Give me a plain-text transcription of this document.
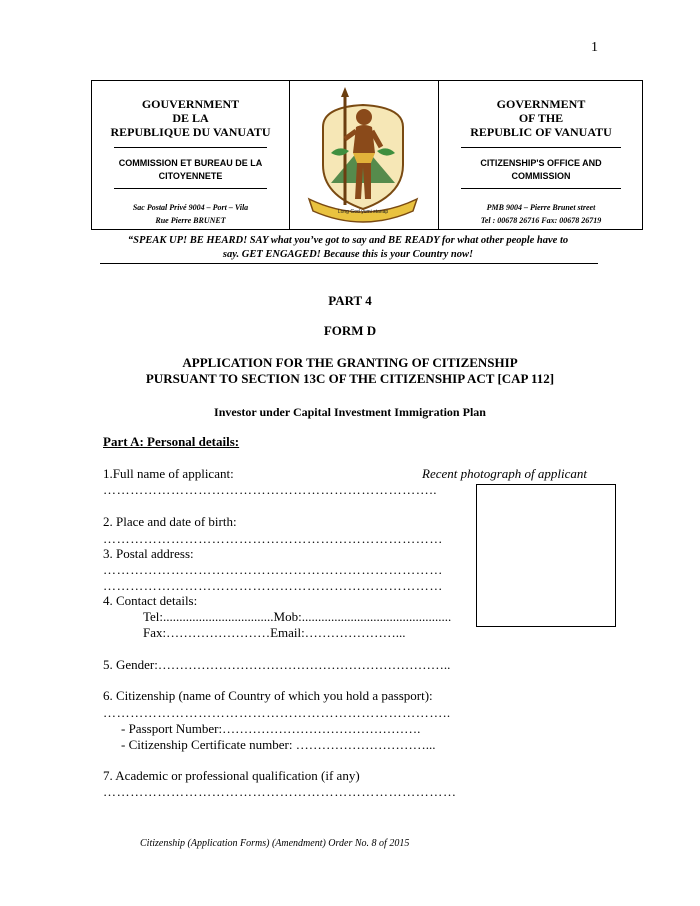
1
GOUVERNMENT
DE LA
REPUBLIQUE DU VANUATU
COMMISSION ET BUREAU DE LA
CITOYENNETE
Sac Postal Privé 9004 – Port – Vila
Rue Pierre BRUNET
Long God yumi stanap
GOVERNMENT
OF THE
REPUBLIC OF VANUATU
CITIZENSHIP'S OFFICE AND
COMMISSION
PMB 9004 – Pierre Brunet street
Tel : 00678 26716 Fax: 00678 26719
“SPEAK UP! BE HEARD! SAY what you’ve got to say and BE READY for what other people have to
say. GET ENGAGED! Because this is your Country now!
PART 4
FORM D
APPLICATION FOR THE GRANTING OF CITIZENSHIP
PURSUANT TO SECTION 13C OF THE CITIZENSHIP ACT [CAP 112]
Investor under Capital Investment Immigration Plan
Part A: Personal details:
Recent photograph of applicant
1.Full name of applicant:
………………………………………………………………..
2. Place and date of birth:
…………………………………………………………………
3. Postal address:
…………………………………………………………………
…………………………………………………………………
4. Contact details:
Tel:..................................Mob:..............................................
Fax:……………………Email:…………………...
5. Gender:…………………………………………………………..
6. Citizenship (name of Country of which you hold a passport):
…………………………………………………………………..
- Passport Number:……………………………………….
- Citizenship Certificate number: …………………………...
7. Academic or professional qualification (if any)
……………………………………………………………………
Citizenship (Application Forms) (Amendment) Order No. 8 of 2015
